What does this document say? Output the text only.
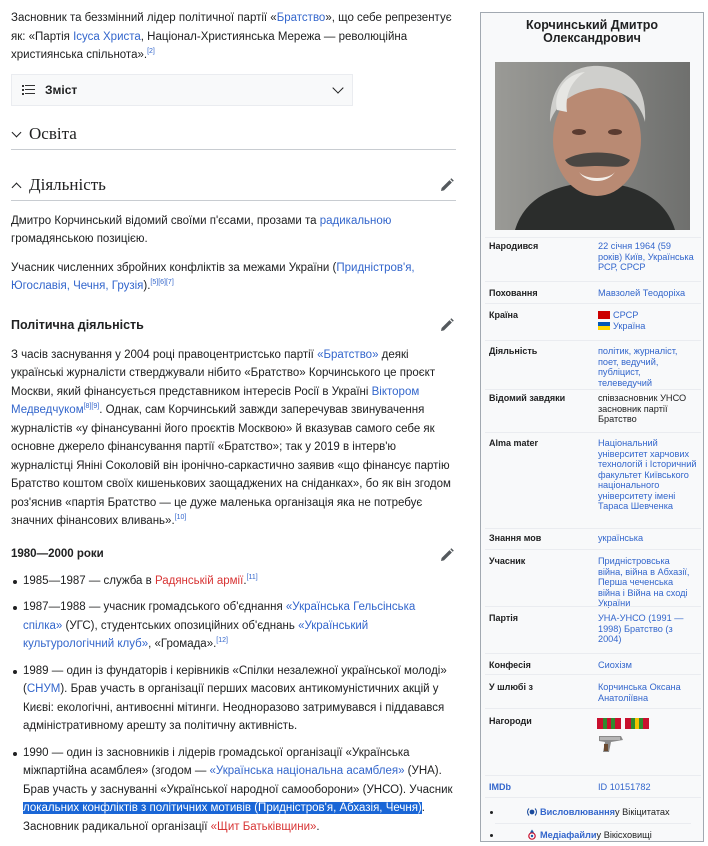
Засновник та беззмінний лідер політичної партії «Братство», що себе репрезентує як: «Партія Ісуса Христа, Націонал-Християнська Мережа — революційна християнська спільнота».[2]

Зміст
Освіта
Діяльність

Дмитро Корчинський відомий своїми п'єсами, прозами та радикальною громадянською позицією.

Учасник численних збройних конфліктів за межами України (Придністров'я, Югославія, Чечня, Грузія).[5][6][7]

Політична діяльність

З часів заснування у 2004 році правоцентристсько партії «Братство» деякі українські журналісти стверджували нібито «Братство» Корчинського це проєкт Москви, який фінансується представником інтересів Росії в Україні Віктором Медведчуком[8][9]. Однак, сам Корчинський завжди заперечував звинувачення журналістів «у фінансуванні його проєктів Москвою» й вказував самого себе як основне джерело фінансування партії «Братство»; так у 2019 в інтерв'ю журналістці Яніні Соколовій він іронічно-саркастично заявив «що фінансує партію Братство коштом своїх кишенькових заощаджених на сніданках», бо як він згодом роз'яснив «партія Братство — це дуже маленька організація яка не потребує значних фінансових вливань».[10]

1980—2000 роки
1985—1987 — служба в Радянській армії.[11]
1987—1988 — учасник громадського об'єднання «Українська Гельсінська спілка» (УГС), студентських опозиційних об'єднань «Український культурологічний клуб», «Громада».[12]
1989 — один із фундаторів і керівників «Спілки незалежної української молоді» (СНУМ). Брав участь в організації перших масових антикомуністичних акцій у Києві: екологічні, антивоєнні мітинги. Неодноразово затримувався і піддавався адміністративному арешту за політичну активність.
1990 — один із засновників і лідерів громадської організації «Українська міжпартійна асамблея» (згодом — «Українська національна асамблея» (УНА). Брав участь у заснуванні «Української народної самооборони» (УНСО). Учасник локальних конфліктів з політичних мотивів (Придністров'я, Абхазія, Чечня). Засновник радикальної організації «Щит Батьківщини».
Корчинський Дмитро Олександрович
Народився	22 січня 1964 (59 років) Київ, Українська РСР, СРСР
Поховання	Мавзолей Теодоріха
Країна	СРСР
Україна
Діяльність	політик, журналіст, поет, ведучий, публіцист, телеведучий
Відомий завдяки	співзасновник УНСО засновник партії Братство
Alma mater	Національний університет харчових технологій і Історичний факультет Київського національного університету імені Тараса Шевченка
Знання мов	українська
Учасник	Придністровська війна, війна в Абхазії, Перша чеченська війна і Війна на сході України
Партія	УНА-УНСО (1991 — 1998) Братство (з 2004)
Конфесія	Сиохізм
У шлюбі з	Корчинська Оксана Анатоліївна
Нагороди
IMDb	ID 10151782
Висловлювання у Вікіцитатах
Медіафайли у Вікісховищі
